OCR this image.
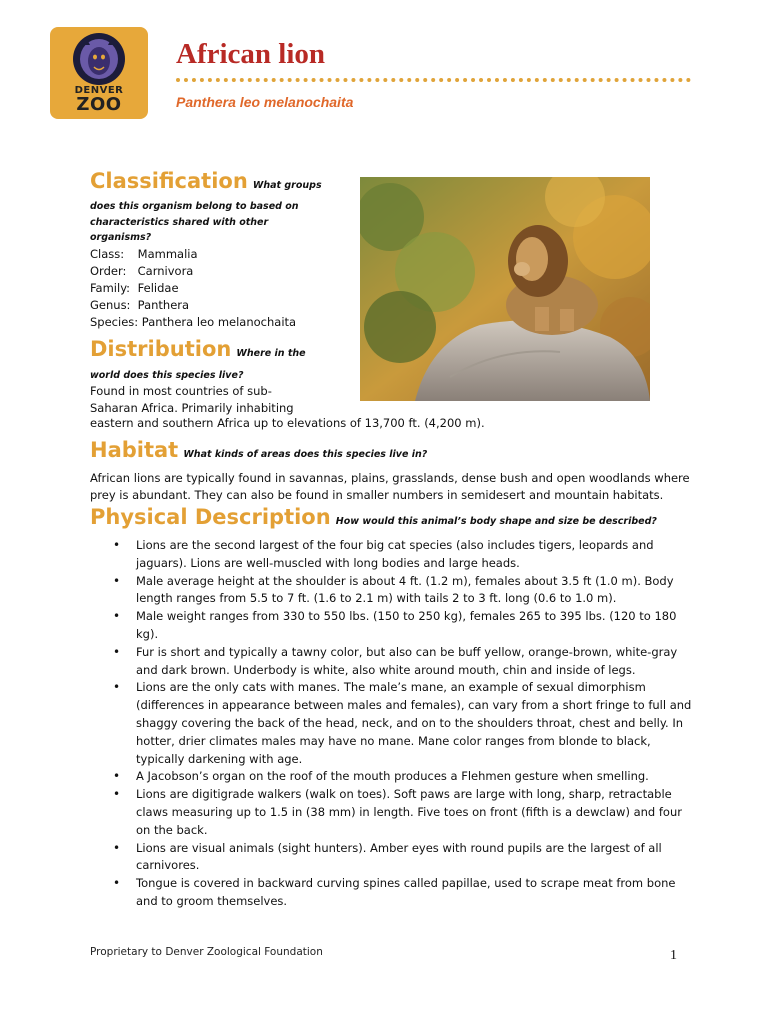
DENVER
ZOO
African lion
Panthera leo melanochaita
Classification What groups
does this organism belong to based on
characteristics shared with other
organisms?
Class: Mammalia
Order: Carnivora
Family: Felidae
Genus: Panthera
Species: Panthera leo melanochaita
Distribution Where in the
world does this species live?
Found in most countries of sub-
Saharan Africa. Primarily inhabiting
eastern and southern Africa up to elevations of 13,700 ft. (4,200 m).
Habitat What kinds of areas does this species live in?
African lions are typically found in savannas, plains, grasslands, dense bush and open woodlands where prey is abundant. They can also be found in smaller numbers in semidesert and mountain habitats.
Physical Description How would this animal’s body shape and size be described?
• Lions are the second largest of the four big cat species (also includes tigers, leopards and jaguars). Lions are well-muscled with long bodies and large heads.
• Male average height at the shoulder is about 4 ft. (1.2 m), females about 3.5 ft (1.0 m). Body length ranges from 5.5 to 7 ft. (1.6 to 2.1 m) with tails 2 to 3 ft. long (0.6 to 1.0 m).
• Male weight ranges from 330 to 550 lbs. (150 to 250 kg), females 265 to 395 lbs. (120 to 180 kg).
• Fur is short and typically a tawny color, but also can be buff yellow, orange-brown, white-gray and dark brown. Underbody is white, also white around mouth, chin and inside of legs.
• Lions are the only cats with manes. The male’s mane, an example of sexual dimorphism (differences in appearance between males and females), can vary from a short fringe to full and shaggy covering the back of the head, neck, and on to the shoulders throat, chest and belly. In hotter, drier climates males may have no mane. Mane color ranges from blonde to black, typically darkening with age.
• A Jacobson’s organ on the roof of the mouth produces a Flehmen gesture when smelling.
• Lions are digitigrade walkers (walk on toes). Soft paws are large with long, sharp, retractable claws measuring up to 1.5 in (38 mm) in length. Five toes on front (fifth is a dewclaw) and four on the back.
• Lions are visual animals (sight hunters). Amber eyes with round pupils are the largest of all carnivores.
• Tongue is covered in backward curving spines called papillae, used to scrape meat from bone and to groom themselves.
Proprietary to Denver Zoological Foundation	1
